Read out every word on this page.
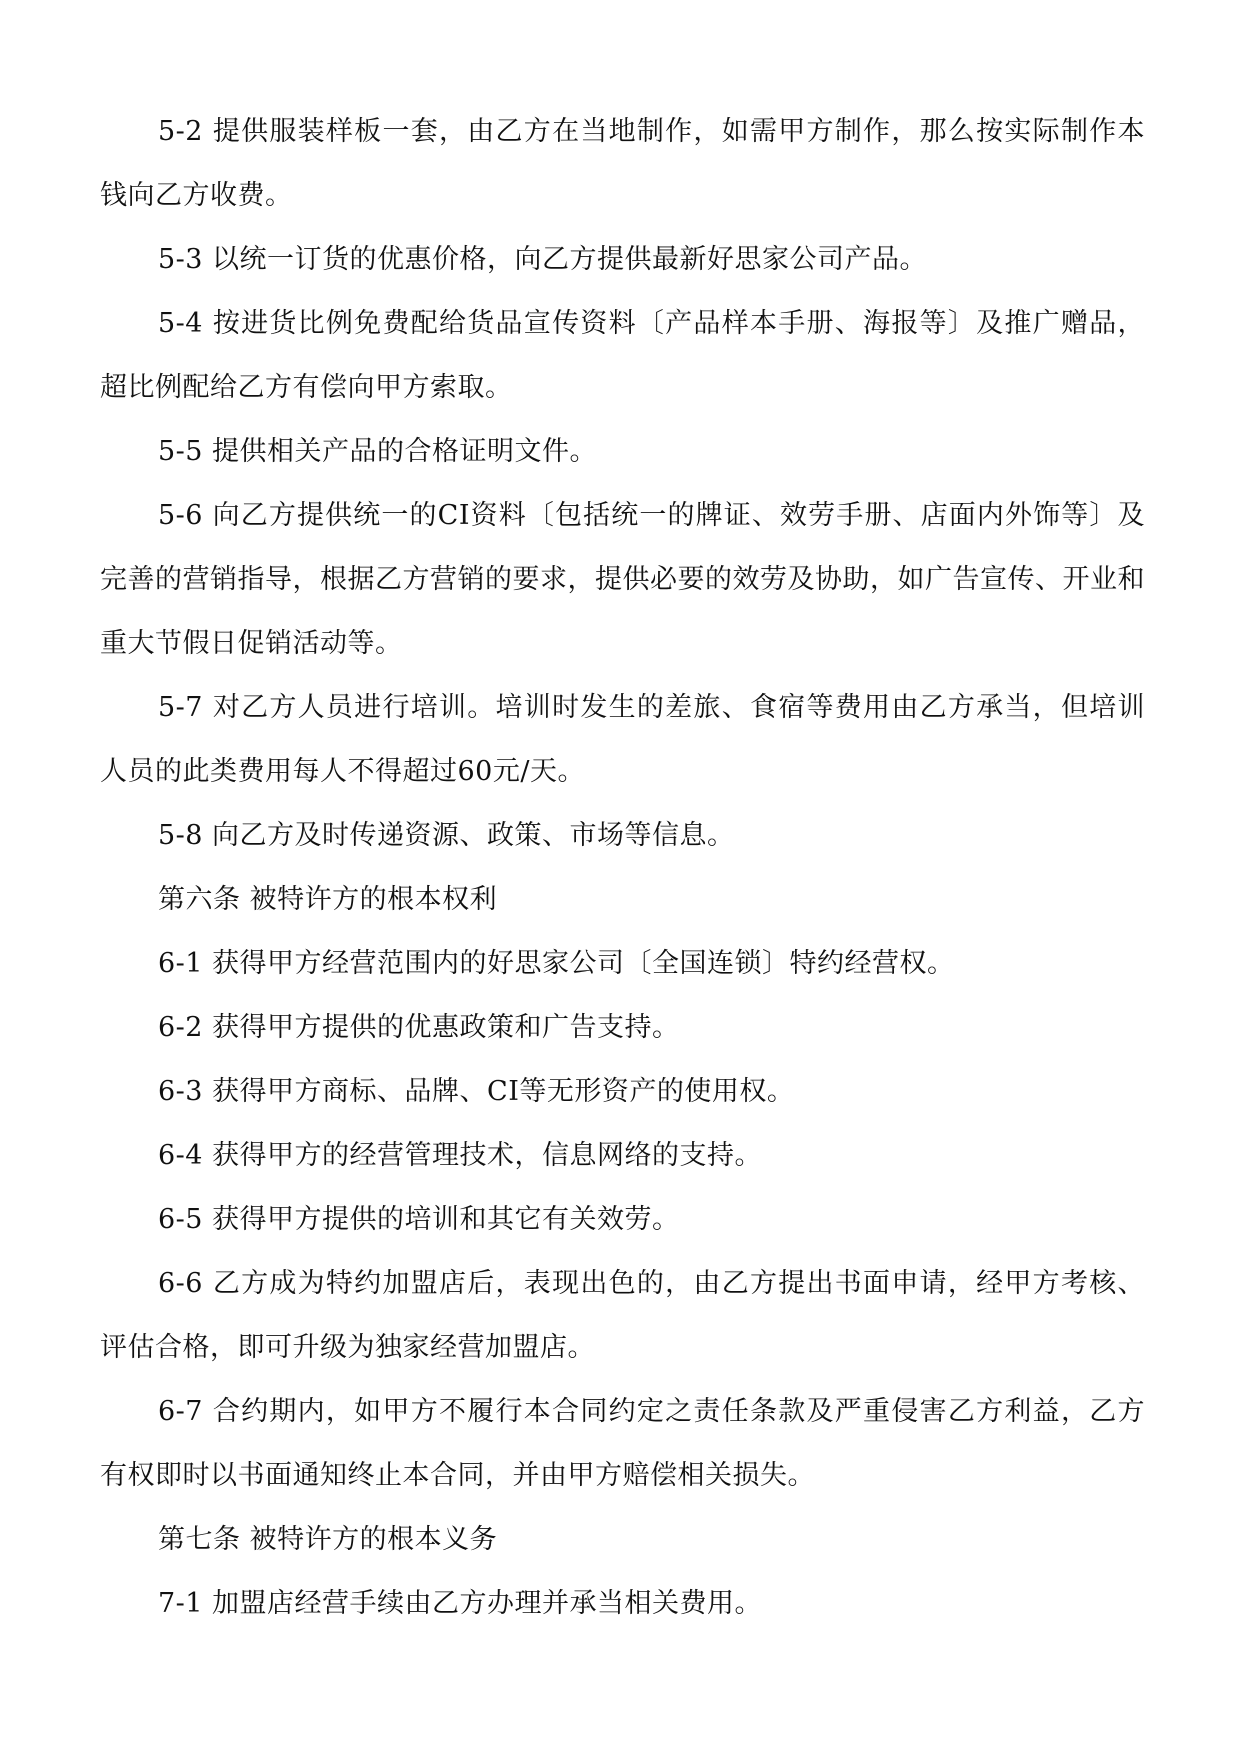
5-2 提供服装样板一套，由乙方在当地制作，如需甲方制作，那么按实际制作本钱向乙方收费。

5-3 以统一订货的优惠价格，向乙方提供最新好思家公司产品。

5-4 按进货比例免费配给货品宣传资料〔产品样本手册、海报等〕及推广赠品，超比例配给乙方有偿向甲方索取。

5-5 提供相关产品的合格证明文件。

5-6 向乙方提供统一的CI资料〔包括统一的牌证、效劳手册、店面内外饰等〕及完善的营销指导，根据乙方营销的要求，提供必要的效劳及协助，如广告宣传、开业和重大节假日促销活动等。

5-7 对乙方人员进行培训。培训时发生的差旅、食宿等费用由乙方承当，但培训人员的此类费用每人不得超过60元/天。

5-8 向乙方及时传递资源、政策、市场等信息。

第六条 被特许方的根本权利

6-1 获得甲方经营范围内的好思家公司〔全国连锁〕特约经营权。

6-2 获得甲方提供的优惠政策和广告支持。

6-3 获得甲方商标、品牌、CI等无形资产的使用权。

6-4 获得甲方的经营管理技术，信息网络的支持。

6-5 获得甲方提供的培训和其它有关效劳。

6-6 乙方成为特约加盟店后，表现出色的，由乙方提出书面申请，经甲方考核、评估合格，即可升级为独家经营加盟店。

6-7 合约期内，如甲方不履行本合同约定之责任条款及严重侵害乙方利益，乙方有权即时以书面通知终止本合同，并由甲方赔偿相关损失。

第七条 被特许方的根本义务

7-1 加盟店经营手续由乙方办理并承当相关费用。
